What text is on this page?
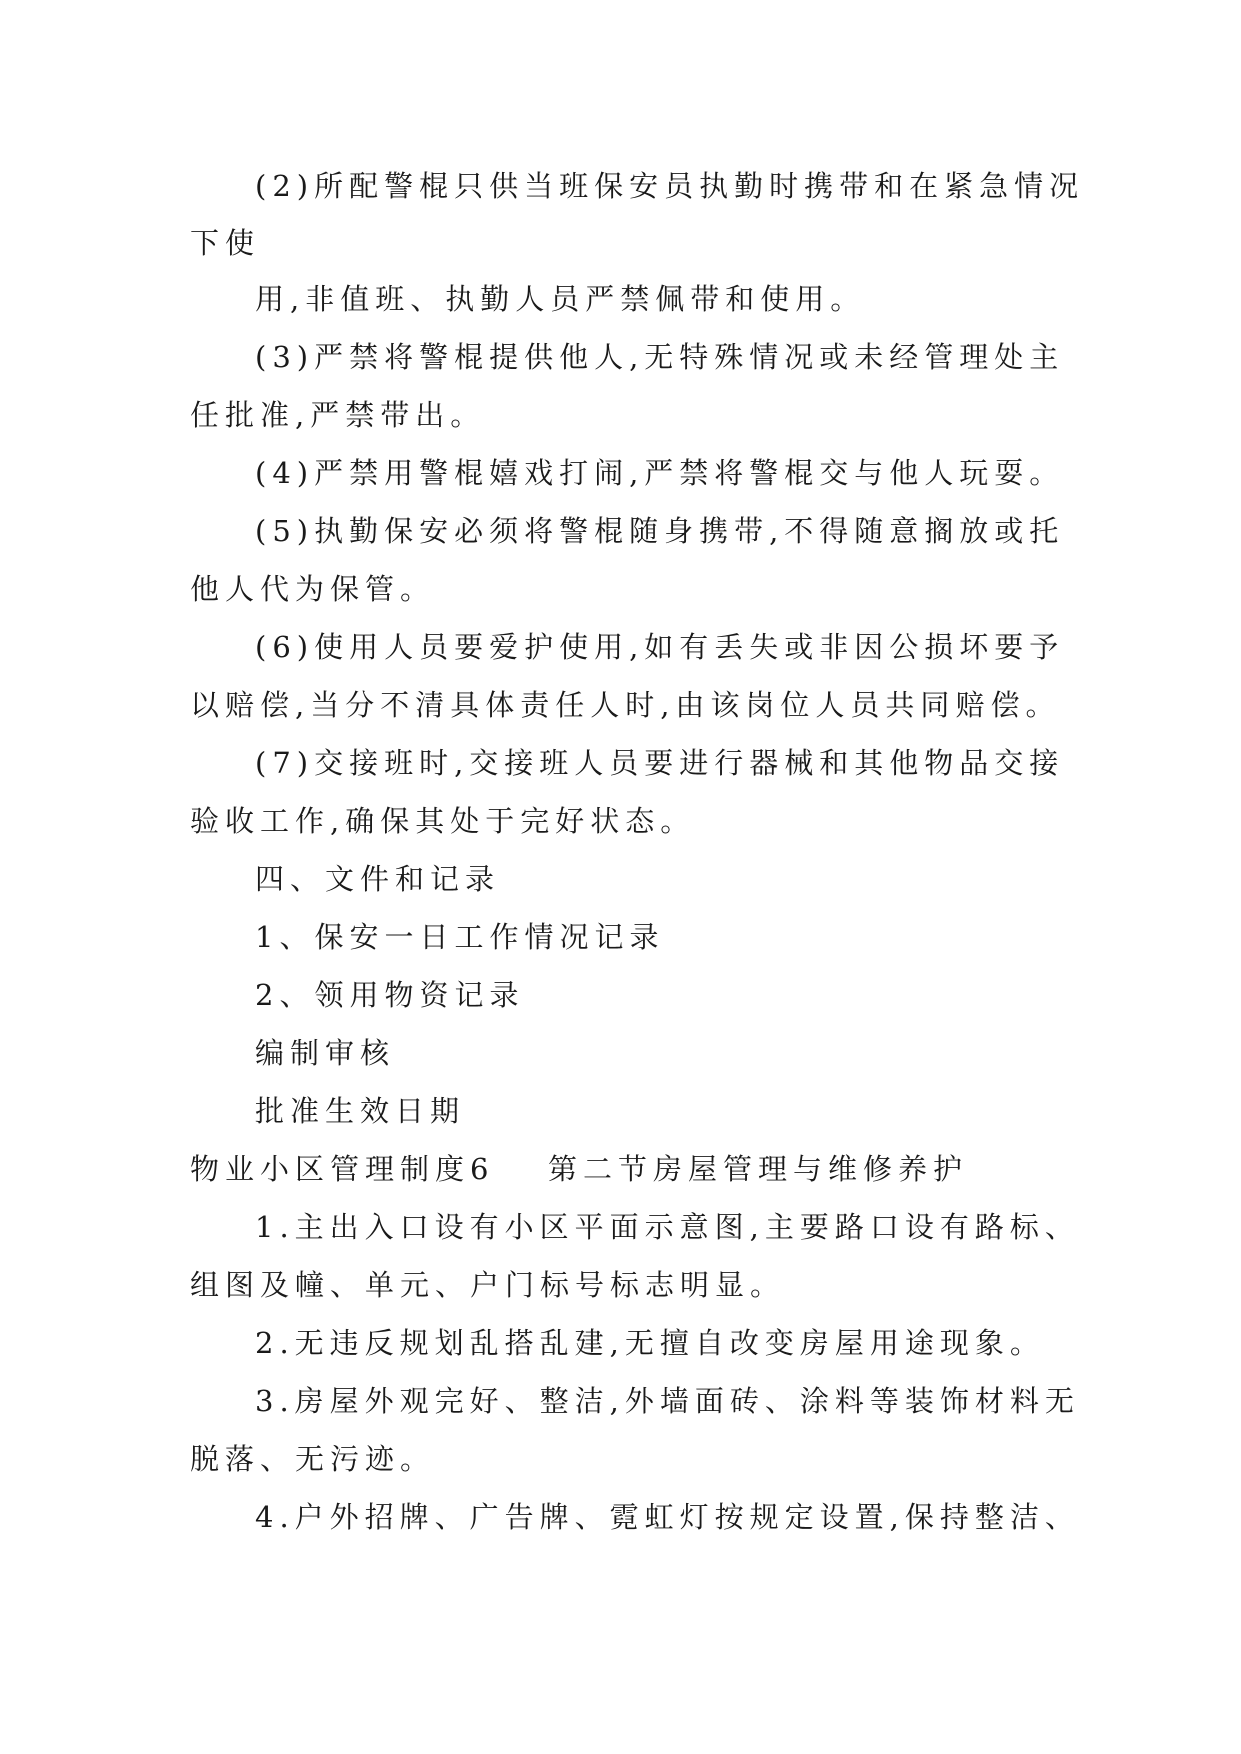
(2)所配警棍只供当班保安员执勤时携带和在紧急情况
下使
用,非值班、执勤人员严禁佩带和使用。
(3)严禁将警棍提供他人,无特殊情况或未经管理处主
任批准,严禁带出。
(4)严禁用警棍嬉戏打闹,严禁将警棍交与他人玩耍。
(5)执勤保安必须将警棍随身携带,不得随意搁放或托
他人代为保管。
(6)使用人员要爱护使用,如有丢失或非因公损坏要予
以赔偿,当分不清具体责任人时,由该岗位人员共同赔偿。
(7)交接班时,交接班人员要进行器械和其他物品交接
验收工作,确保其处于完好状态。
四、文件和记录
1、保安一日工作情况记录
2、领用物资记录
编制审核
批准生效日期
物业小区管理制度6 第二节房屋管理与维修养护
1.主出入口设有小区平面示意图,主要路口设有路标、
组图及幢、单元、户门标号标志明显。
2.无违反规划乱搭乱建,无擅自改变房屋用途现象。
3.房屋外观完好、整洁,外墙面砖、涂料等装饰材料无
脱落、无污迹。
4.户外招牌、广告牌、霓虹灯按规定设置,保持整洁、
